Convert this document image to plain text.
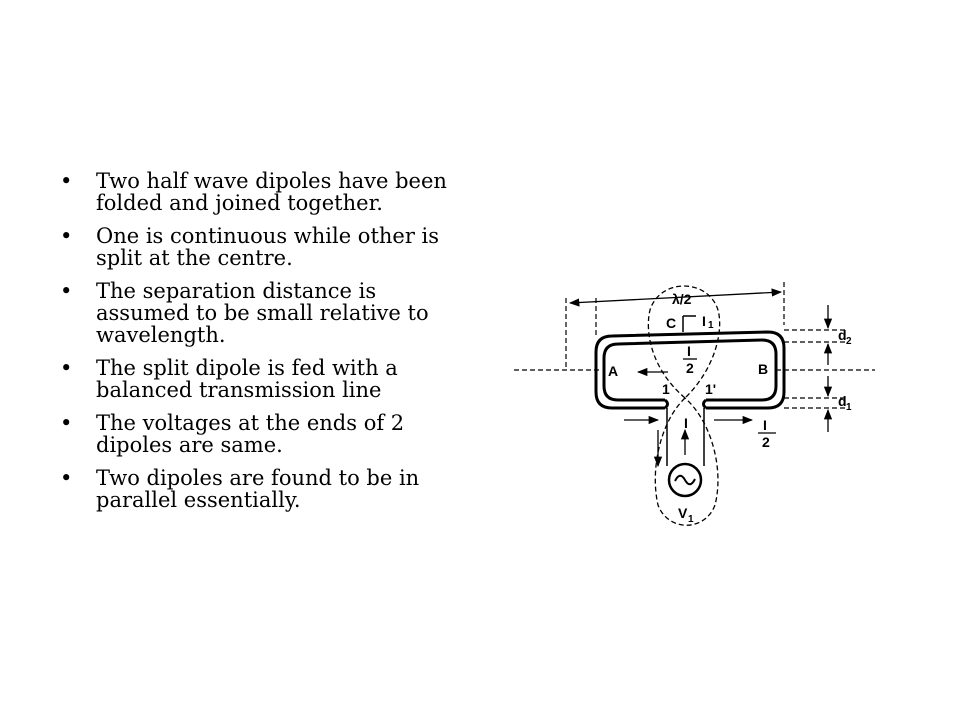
• Two half wave dipoles have been folded and joined together.
• One is continuous while other is split at the centre.
• The separation distance is assumed to be small relative to wavelength.
• The split dipole is fed with a balanced transmission line
• The voltages at the ends of 2 dipoles are same.
• Two dipoles are found to be in parallel essentially.
λ/2
C I 1
I
2
A	B
1	1'
I	I
2
V 1
d 2
d 1
